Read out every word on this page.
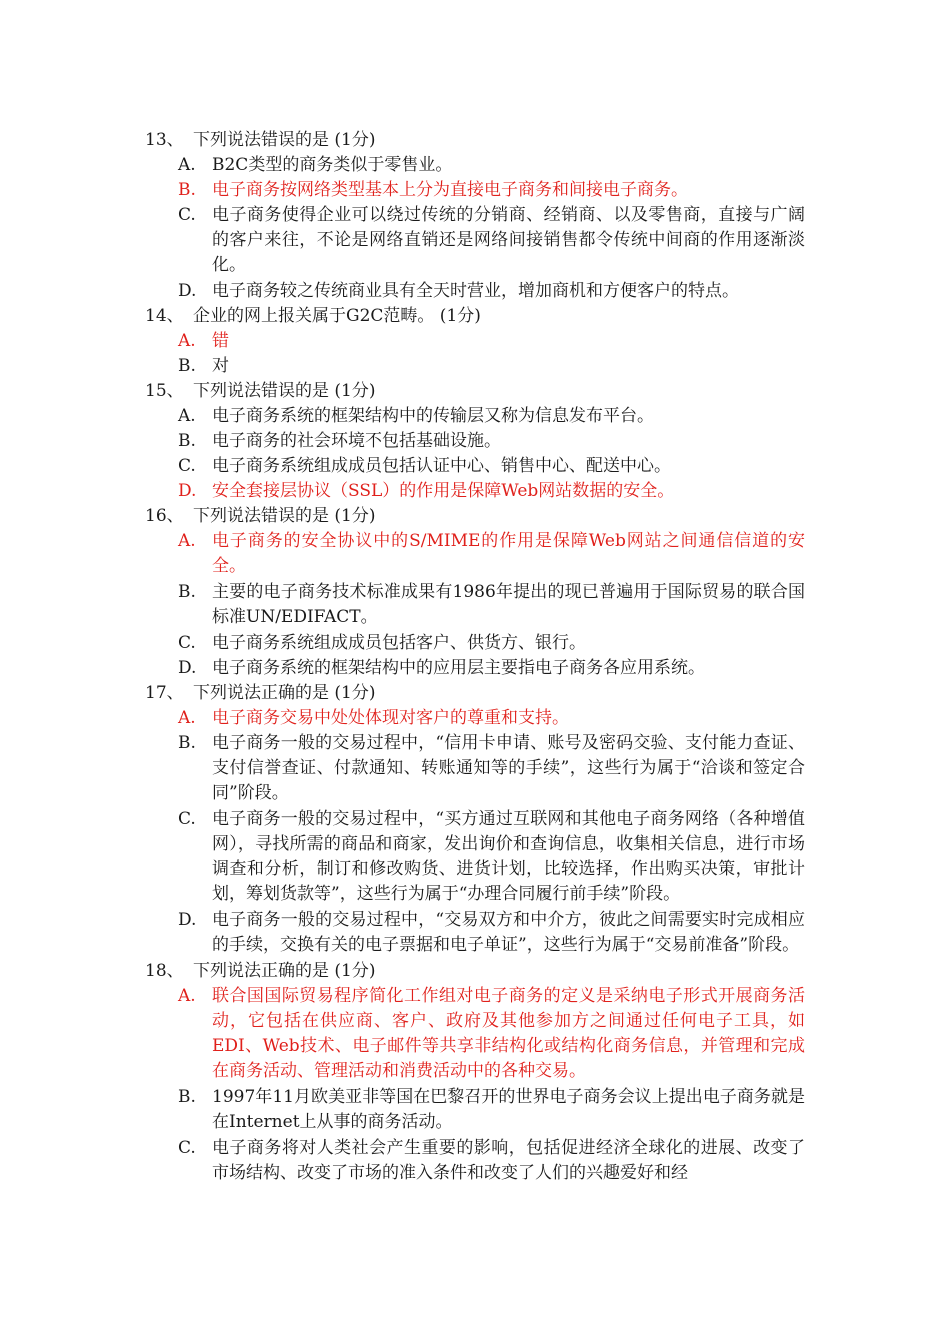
13、 下列说法错误的是 (1分)
A. B2C类型的商务类似于零售业。
B. 电子商务按网络类型基本上分为直接电子商务和间接电子商务。
C. 电子商务使得企业可以绕过传统的分销商、经销商、以及零售商，直接与广阔的客户来往，不论是网络直销还是网络间接销售都令传统中间商的作用逐渐淡化。
D. 电子商务较之传统商业具有全天时营业，增加商机和方便客户的特点。
14、 企业的网上报关属于G2C范畴。 (1分)
A. 错
B. 对
15、 下列说法错误的是 (1分)
A. 电子商务系统的框架结构中的传输层又称为信息发布平台。
B. 电子商务的社会环境不包括基础设施。
C. 电子商务系统组成成员包括认证中心、销售中心、配送中心。
D. 安全套接层协议（SSL）的作用是保障Web网站数据的安全。
16、 下列说法错误的是 (1分)
A. 电子商务的安全协议中的S/MIME的作用是保障Web网站之间通信信道的安全。
B. 主要的电子商务技术标准成果有1986年提出的现已普遍用于国际贸易的联合国标准UN/EDIFACT。
C. 电子商务系统组成成员包括客户、供货方、银行。
D. 电子商务系统的框架结构中的应用层主要指电子商务各应用系统。
17、 下列说法正确的是 (1分)
A. 电子商务交易中处处体现对客户的尊重和支持。
B. 电子商务一般的交易过程中，“信用卡申请、账号及密码交验、支付能力查证、支付信誉查证、付款通知、转账通知等的手续”，这些行为属于“洽谈和签定合同”阶段。
C. 电子商务一般的交易过程中，“买方通过互联网和其他电子商务网络（各种增值网），寻找所需的商品和商家，发出询价和查询信息，收集相关信息，进行市场调查和分析，制订和修改购货、进货计划，比较选择，作出购买决策，审批计划，筹划货款等”，这些行为属于“办理合同履行前手续”阶段。
D. 电子商务一般的交易过程中，“交易双方和中介方，彼此之间需要实时完成相应的手续，交换有关的电子票据和电子单证”，这些行为属于“交易前准备”阶段。
18、 下列说法正确的是 (1分)
A. 联合国国际贸易程序简化工作组对电子商务的定义是采纳电子形式开展商务活动，它包括在供应商、客户、政府及其他参加方之间通过任何电子工具，如EDI、Web技术、电子邮件等共享非结构化或结构化商务信息，并管理和完成在商务活动、管理活动和消费活动中的各种交易。
B. 1997年11月欧美亚非等国在巴黎召开的世界电子商务会议上提出电子商务就是在Internet上从事的商务活动。
C. 电子商务将对人类社会产生重要的影响，包括促进经济全球化的进展、改变了市场结构、改变了市场的准入条件和改变了人们的兴趣爱好和经
